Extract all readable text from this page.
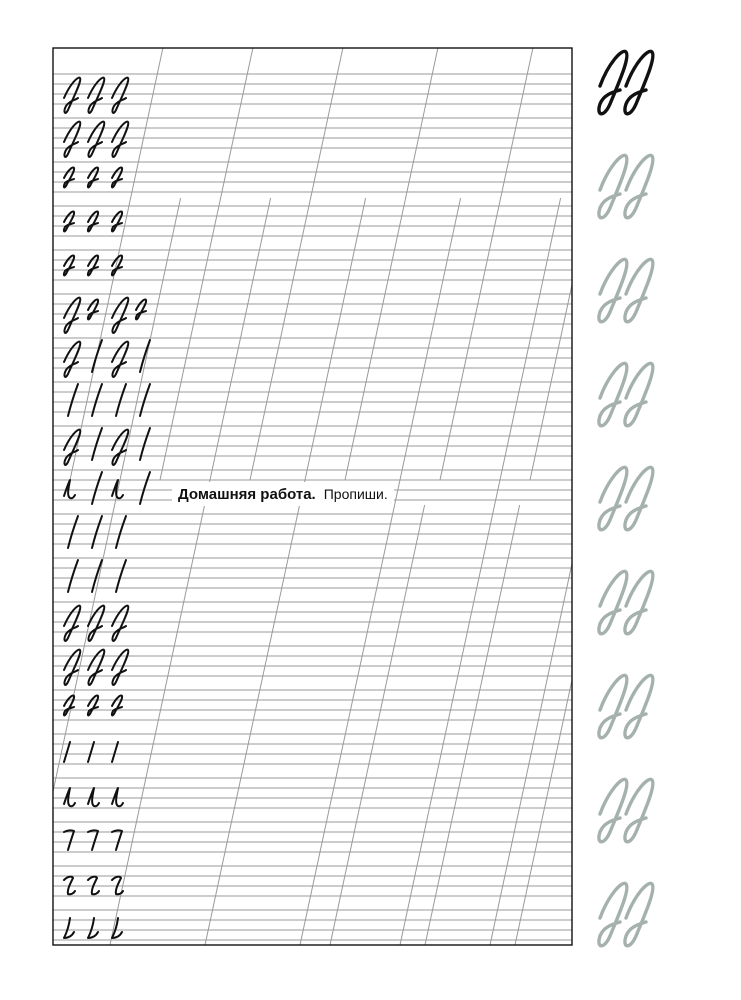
Домашняя работа. Пропиши.
